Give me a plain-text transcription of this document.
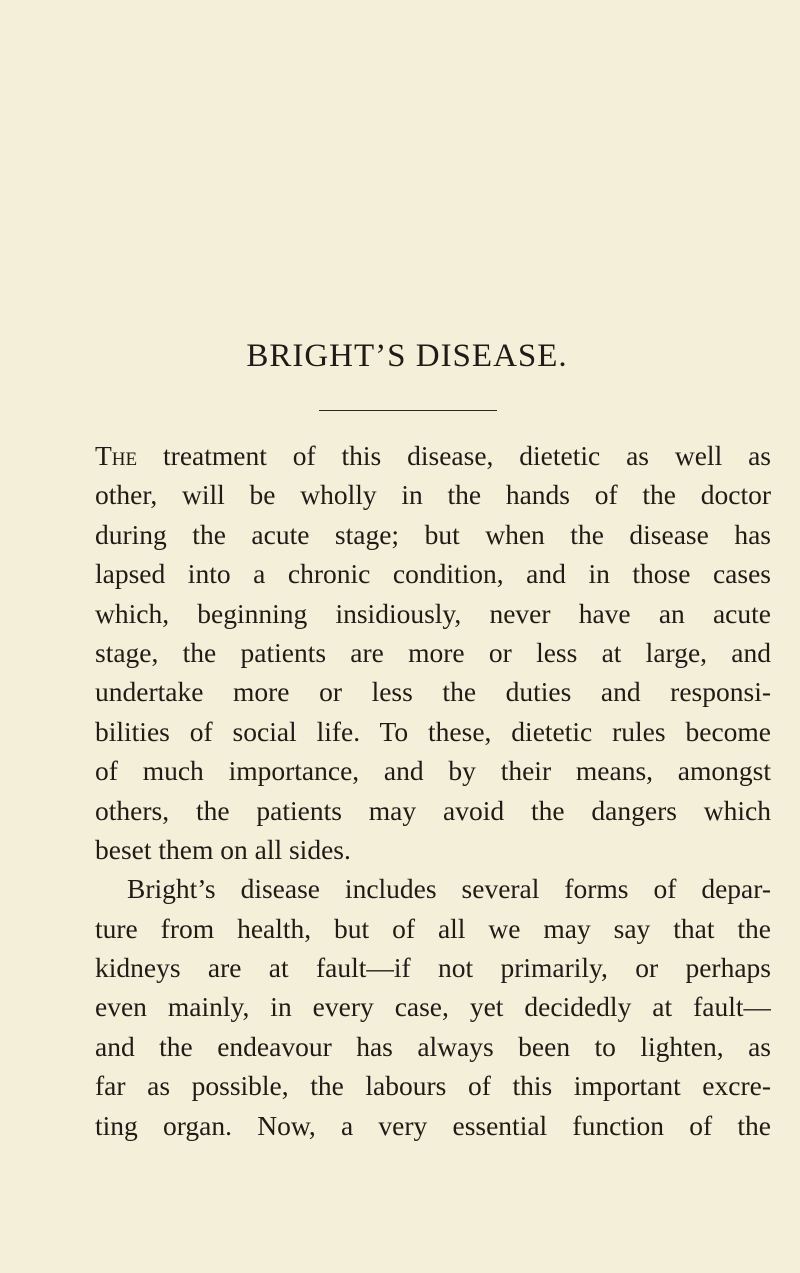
BRIGHT’S DISEASE.
The treatment of this disease, dietetic as well as
other, will be wholly in the hands of the doctor
during the acute stage; but when the disease has
lapsed into a chronic condition, and in those cases
which, beginning insidiously, never have an acute
stage, the patients are more or less at large, and
undertake more or less the duties and responsi-
bilities of social life. To these, dietetic rules become
of much importance, and by their means, amongst
others, the patients may avoid the dangers which
beset them on all sides.
Bright’s disease includes several forms of depar-
ture from health, but of all we may say that the
kidneys are at fault—if not primarily, or perhaps
even mainly, in every case, yet decidedly at fault—
and the endeavour has always been to lighten, as
far as possible, the labours of this important excre-
ting organ. Now, a very essential function of the
